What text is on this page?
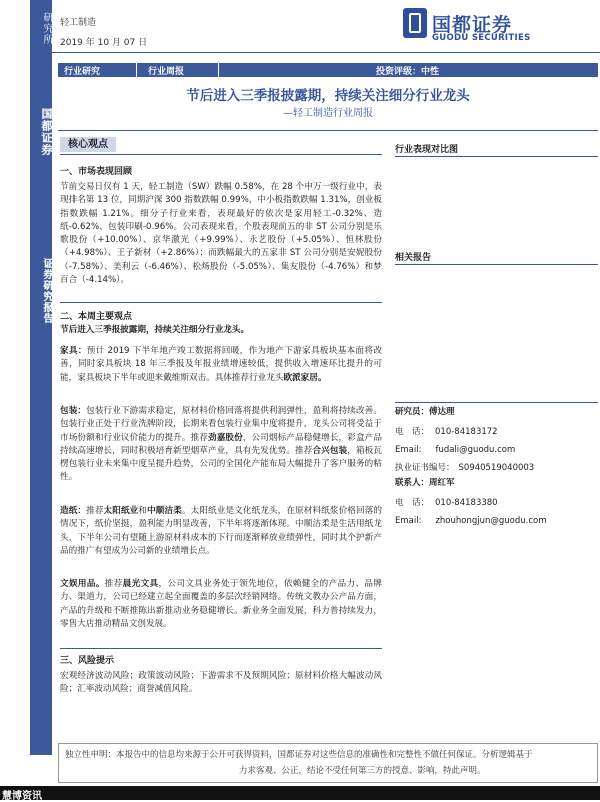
研究所
国都证券
证券研究报告
轻工制造
2019 年 10 月 07 日
国都证券
GUODU SECURITIES
行业研究	行业周报	投资评级：中性
节后进入三季报披露期，持续关注细分行业龙头
—轻工制造行业周报
核心观点
一、市场表现回顾
节前交易日仅有 1 天，轻工制造（SW）跌幅 0.58%，在 28 个申万一级行业中，表现排名第 13 位，同期沪深 300 指数跌幅 0.99%，中小板指数跌幅 1.31%，创业板指数跌幅 1.21%。细分子行业来看，表现最好的依次是家用轻工-0.32%、造纸-0.62%、包装印刷-0.96%。公司表现来看，个股表现前五的非 ST 公司分别是乐歌股份（+10.00%）、京华激光（+9.99%）、永艺股份（+5.05%）、恒林股份（+4.98%）、王子新材（+2.86%）；而跌幅最大的五家非 ST 公司分别是安妮股份（-7.58%）、美利云（-6.46%）、松炀股份（-5.05%）、集友股份（-4.76%）和梦百合（-4.14%）。
二、本周主要观点
节后进入三季报披露期，持续关注细分行业龙头。
家具：预计 2019 下半年地产竣工数据将回暖，作为地产下游家具板块基本面将改善，同时家具板块 18 年三季报及年报业绩增速较低，提供收入增速环比提升的可能，家具板块下半年或迎来戴维斯双击。具体推荐行业龙头欧派家居。
包装：包装行业下游需求稳定，原材料价格回落将提供利润弹性，盈利将持续改善。包装行业正处于行业洗牌阶段，长期来看包装行业集中度将提升，龙头公司将受益于市场份额和行业议价能力的提升。推荐劲嘉股份，公司烟标产品稳健增长，彩盒产品持续高速增长，同时积极培育新型烟草产业，具有先发优势。推荐合兴包装，箱板瓦楞包装行业未来集中度呈提升趋势，公司的全国化产能布局大幅提升了客户服务的粘性。
造纸：推荐太阳纸业和中顺洁柔。太阳纸业是文化纸龙头，在原材料纸浆价格回落的情况下，纸价坚挺，盈利能力明显改善，下半年将逐渐体现。中顺洁柔是生活用纸龙头，下半年公司有望随上游原材料成本的下行而逐渐释放业绩弹性，同时其个护新产品的推广有望成为公司新的业绩增长点。
文娱用品。推荐晨光文具，公司文具业务处于领先地位，依赖健全的产品力、品牌力、渠道力，公司已经建立起全面覆盖的多层次经销网络。传统文教办公产品方面，产品的升级和不断推陈出新推动业务稳健增长。新业务全面发展，科力普持续发力，零售大店推动精品文创发展。
三、风险提示
宏观经济波动风险；政策波动风险；下游需求不及预期风险；原材料价格大幅波动风险；汇率波动风险；商誉减值风险。
行业表现对比图
相关报告
研究员：傅达理
电　话： 010-84183172
Email: fudali@guodu.com
执业证书编号： S0940519040003
联系人：周红军
电　话： 010-84183380
Email: zhouhongjun@guodu.com
独立性申明：本报告中的信息均来源于公开可获得资料，国都证券对这些信息的准确性和完整性不做任何保证。分析逻辑基于
力求客观、公正，结论不受任何第三方的授意、影响，特此声明。
慧博资讯
